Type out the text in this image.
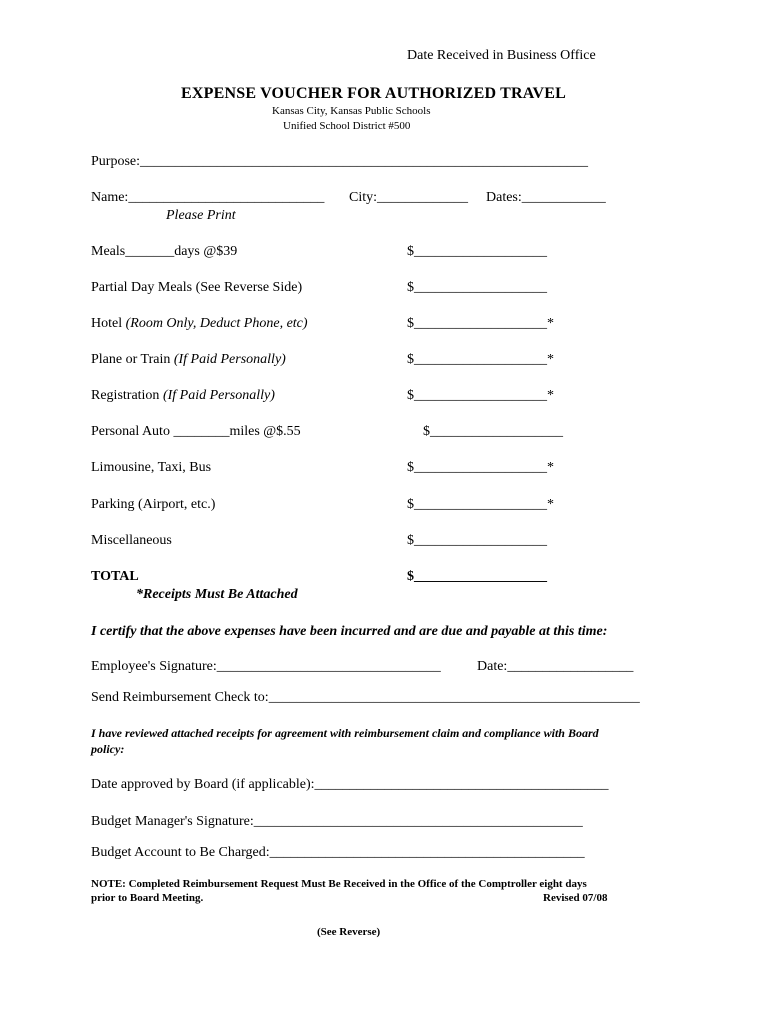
Date Received in Business Office
EXPENSE VOUCHER FOR AUTHORIZED TRAVEL
Kansas City, Kansas Public Schools
Unified School District #500
Purpose:________________________________________________________________
Name:____________________________ City:_____________ Dates:____________
Please Print
Meals_______days @$39	$___________________
Partial Day Meals (See Reverse Side)	$___________________
Hotel (Room Only, Deduct Phone, etc)	$___________________*
Plane or Train (If Paid Personally)	$___________________*
Registration (If Paid Personally)	$___________________*
Personal Auto ________miles @$.55	$___________________
Limousine, Taxi, Bus	$___________________*
Parking (Airport, etc.)	$___________________*
Miscellaneous	$___________________
TOTAL	$___________________
*Receipts Must Be Attached
I certify that the above expenses have been incurred and are due and payable at this time:
Employee's Signature:________________________________	Date:__________________
Send Reimbursement Check to:_____________________________________________________
I have reviewed attached receipts for agreement with reimbursement claim and compliance with Board
policy:
Date approved by Board (if applicable):__________________________________________
Budget Manager's Signature:_______________________________________________
Budget Account to Be Charged:_____________________________________________
NOTE: Completed Reimbursement Request Must Be Received in the Office of the Comptroller eight days
prior to Board Meeting.	Revised 07/08
(See Reverse)
